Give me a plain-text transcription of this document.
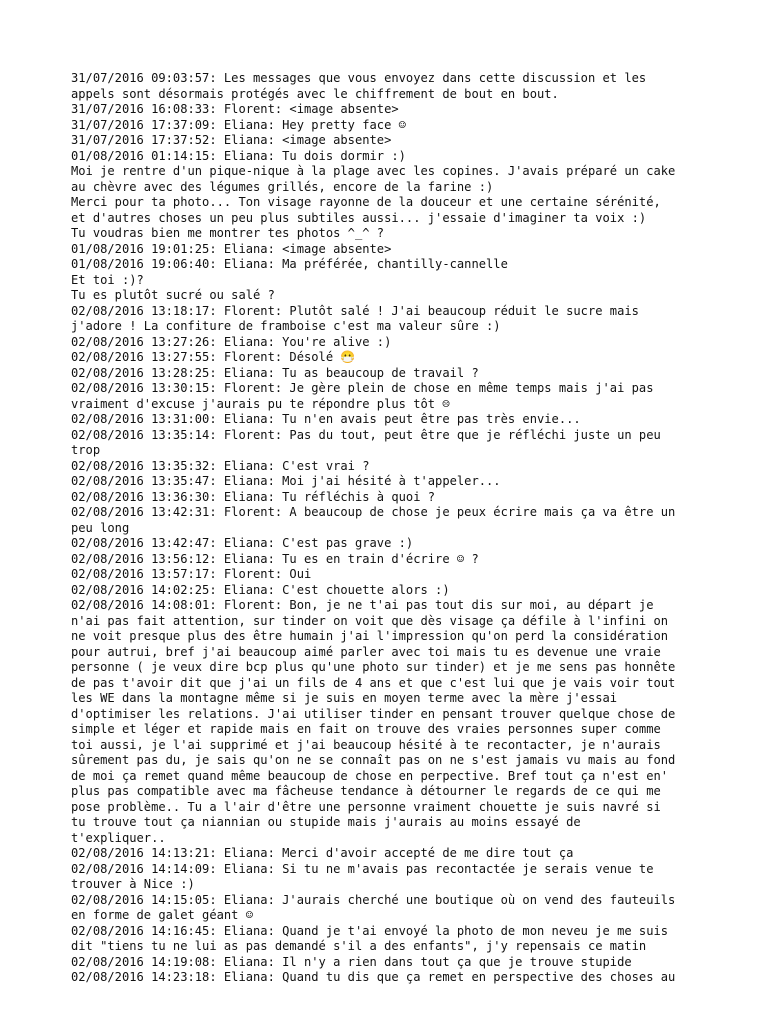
31/07/2016 09:03:57: Les messages que vous envoyez dans cette discussion et les
appels sont désormais protégés avec le chiffrement de bout en bout.
31/07/2016 16:08:33: Florent: <image absente>
31/07/2016 17:37:09: Eliana: Hey pretty face ☺
31/07/2016 17:37:52: Eliana: <image absente>
01/08/2016 01:14:15: Eliana: Tu dois dormir :)
Moi je rentre d'un pique-nique à la plage avec les copines. J'avais préparé un cake
au chèvre avec des légumes grillés, encore de la farine :)
Merci pour ta photo... Ton visage rayonne de la douceur et une certaine sérénité,
et d'autres choses un peu plus subtiles aussi... j'essaie d'imaginer ta voix :)
Tu voudras bien me montrer tes photos ^_^ ?
01/08/2016 19:01:25: Eliana: <image absente>
01/08/2016 19:06:40: Eliana: Ma préférée, chantilly-cannelle
Et toi :)?
Tu es plutôt sucré ou salé ?
02/08/2016 13:18:17: Florent: Plutôt salé ! J'ai beaucoup réduit le sucre mais
j'adore ! La confiture de framboise c'est ma valeur sûre :)
02/08/2016 13:27:26: Eliana: You're alive :)
02/08/2016 13:27:55: Florent: Désolé 😷
02/08/2016 13:28:25: Eliana: Tu as beaucoup de travail ?
02/08/2016 13:30:15: Florent: Je gère plein de chose en même temps mais j'ai pas
vraiment d'excuse j'aurais pu te répondre plus tôt ☹
02/08/2016 13:31:00: Eliana: Tu n'en avais peut être pas très envie...
02/08/2016 13:35:14: Florent: Pas du tout, peut être que je réfléchi juste un peu
trop
02/08/2016 13:35:32: Eliana: C'est vrai ?
02/08/2016 13:35:47: Eliana: Moi j'ai hésité à t'appeler...
02/08/2016 13:36:30: Eliana: Tu réfléchis à quoi ?
02/08/2016 13:42:31: Florent: A beaucoup de chose je peux écrire mais ça va être un
peu long
02/08/2016 13:42:47: Eliana: C'est pas grave :)
02/08/2016 13:56:12: Eliana: Tu es en train d'écrire ☺ ?
02/08/2016 13:57:17: Florent: Oui
02/08/2016 14:02:25: Eliana: C'est chouette alors :)
02/08/2016 14:08:01: Florent: Bon, je ne t'ai pas tout dis sur moi, au départ je
n'ai pas fait attention, sur tinder on voit que dès visage ça défile à l'infini on
ne voit presque plus des être humain j'ai l'impression qu'on perd la considération
pour autrui, bref j'ai beaucoup aimé parler avec toi mais tu es devenue une vraie
personne ( je veux dire bcp plus qu'une photo sur tinder) et je me sens pas honnête
de pas t'avoir dit que j'ai un fils de 4 ans et que c'est lui que je vais voir tout
les WE dans la montagne même si je suis en moyen terme avec la mère j'essai
d'optimiser les relations. J'ai utiliser tinder en pensant trouver quelque chose de
simple et léger et rapide mais en fait on trouve des vraies personnes super comme
toi aussi, je l'ai supprimé et j'ai beaucoup hésité à te recontacter, je n'aurais
sûrement pas du, je sais qu'on ne se connaît pas on ne s'est jamais vu mais au fond
de moi ça remet quand même beaucoup de chose en perpective. Bref tout ça n'est en'
plus pas compatible avec ma fâcheuse tendance à détourner le regards de ce qui me
pose problème.. Tu a l'air d'être une personne vraiment chouette je suis navré si
tu trouve tout ça niannian ou stupide mais j'aurais au moins essayé de
t'expliquer..
02/08/2016 14:13:21: Eliana: Merci d'avoir accepté de me dire tout ça
02/08/2016 14:14:09: Eliana: Si tu ne m'avais pas recontactée je serais venue te
trouver à Nice :)
02/08/2016 14:15:05: Eliana: J'aurais cherché une boutique où on vend des fauteuils
en forme de galet géant ☺
02/08/2016 14:16:45: Eliana: Quand je t'ai envoyé la photo de mon neveu je me suis
dit "tiens tu ne lui as pas demandé s'il a des enfants", j'y repensais ce matin
02/08/2016 14:19:08: Eliana: Il n'y a rien dans tout ça que je trouve stupide
02/08/2016 14:23:18: Eliana: Quand tu dis que ça remet en perspective des choses au
